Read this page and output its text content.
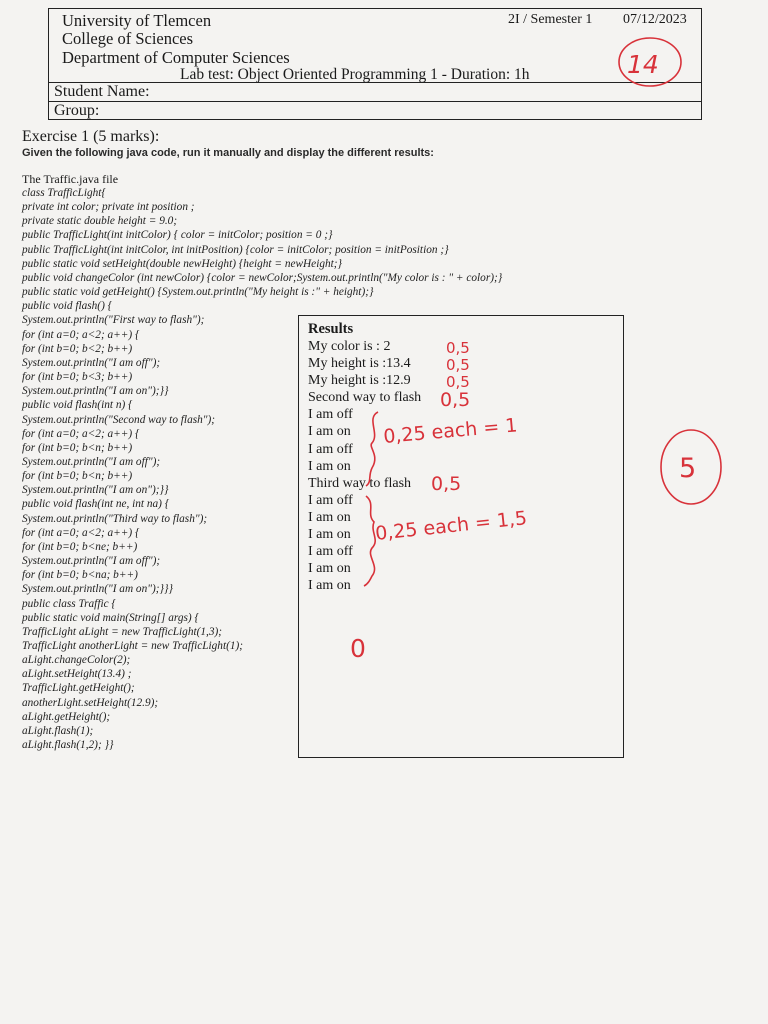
University of Tlemcen
College of Sciences
Department of Computer Sciences
Lab test: Object Oriented Programming 1 - Duration: 1h
2I / Semester 1 07/12/2023
Student Name:
Group:
Exercise 1 (5 marks):
Given the following java code, run it manually and display the different results:
The Traffic.java file
class TrafficLight{
private int color; private int position ;
private static double height = 9.0;
public TrafficLight(int initColor) { color = initColor; position = 0 ;}
public TrafficLight(int initColor, int initPosition) {color = initColor; position = initPosition ;}
public static void setHeight(double newHeight) {height = newHeight;}
public void changeColor (int newColor) {color = newColor;System.out.println("My color is : " + color);}
public static void getHeight() {System.out.println("My height is :" + height);}
public void flash() {
System.out.println("First way to flash");
for (int a=0; a<2; a++) {
for (int b=0; b<2; b++)
System.out.println("I am off");
for (int b=0; b<3; b++)
System.out.println("I am on");}}
public void flash(int n) {
System.out.println("Second way to flash");
for (int a=0; a<2; a++) {
for (int b=0; b<n; b++)
System.out.println("I am off");
for (int b=0; b<n; b++)
System.out.println("I am on");}}
public void flash(int ne, int na) {
System.out.println("Third way to flash");
for (int a=0; a<2; a++) {
for (int b=0; b<ne; b++)
System.out.println("I am off");
for (int b=0; b<na; b++)
System.out.println("I am on");}}}
public class Traffic {
public static void main(String[] args) {
TrafficLight aLight = new TrafficLight(1,3);
TrafficLight anotherLight = new TrafficLight(1);
aLight.changeColor(2);
aLight.setHeight(13.4) ;
TrafficLight.getHeight();
anotherLight.setHeight(12.9);
aLight.getHeight();
aLight.flash(1);
aLight.flash(1,2); }}
Results
My color is : 2
My height is :13.4
My height is :12.9
Second way to flash
I am off
I am on
I am off
I am on
Third way to flash
I am off
I am on
I am on
I am off
I am on
I am on
14
5
0,5
0,5
0,5
0,5
0,5
0,25 each = 1
0,25 each = 1,5
0
